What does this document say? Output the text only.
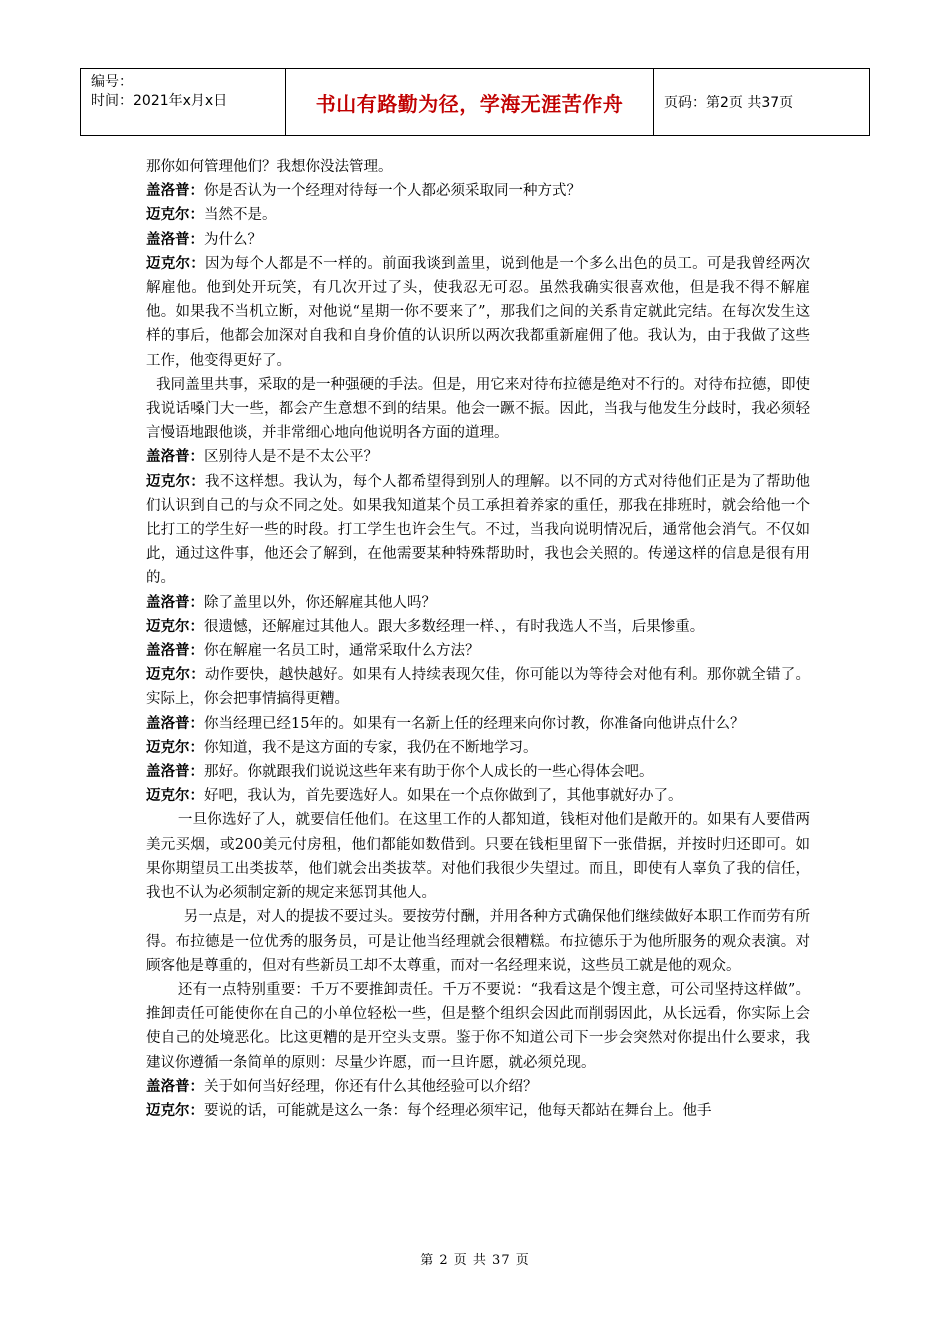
编号：
时间：2021年x月x日	书山有路勤为径，学海无涯苦作舟	页码：第2页 共37页

那你如何管理他们？我想你没法管理。

盖洛普：你是否认为一个经理对待每一个人都必须采取同一种方式？

迈克尔：当然不是。

盖洛普：为什么？

迈克尔：因为每个人都是不一样的。前面我谈到盖里，说到他是一个多么出色的员工。可是我曾经两次解雇他。他到处开玩笑，有几次开过了头，使我忍无可忍。虽然我确实很喜欢他，但是我不得不解雇他。如果我不当机立断，对他说“星期一你不要来了”，那我们之间的关系肯定就此完结。在每次发生这样的事后，他都会加深对自我和自身价值的认识所以两次我都重新雇佣了他。我认为，由于我做了这些工作，他变得更好了。

我同盖里共事，采取的是一种强硬的手法。但是，用它来对待布拉德是绝对不行的。对待布拉德，即使我说话嗓门大一些，都会产生意想不到的结果。他会一蹶不振。因此，当我与他发生分歧时，我必须轻言慢语地跟他谈，并非常细心地向他说明各方面的道理。

盖洛普：区别待人是不是不太公平？

迈克尔：我不这样想。我认为，每个人都希望得到别人的理解。以不同的方式对待他们正是为了帮助他们认识到自己的与众不同之处。如果我知道某个员工承担着养家的重任，那我在排班时，就会给他一个比打工的学生好一些的时段。打工学生也许会生气。不过，当我向说明情况后，通常他会消气。不仅如此，通过这件事，他还会了解到，在他需要某种特殊帮助时，我也会关照的。传递这样的信息是很有用的。

盖洛普：除了盖里以外，你还解雇其他人吗？

迈克尔：很遗憾，还解雇过其他人。跟大多数经理一样、，有时我选人不当，后果惨重。

盖洛普：你在解雇一名员工时，通常采取什么方法？

迈克尔：动作要快，越快越好。如果有人持续表现欠佳，你可能以为等待会对他有利。那你就全错了。实际上，你会把事情搞得更糟。

盖洛普：你当经理已经15年的。如果有一名新上任的经理来向你讨教，你准备向他讲点什么？

迈克尔：你知道，我不是这方面的专家，我仍在不断地学习。

盖洛普：那好。你就跟我们说说这些年来有助于你个人成长的一些心得体会吧。

迈克尔：好吧，我认为，首先要选好人。如果在一个点你做到了，其他事就好办了。

一旦你选好了人，就要信任他们。在这里工作的人都知道，钱柜对他们是敞开的。如果有人要借两美元买烟，或200美元付房租，他们都能如数借到。只要在钱柜里留下一张借据，并按时归还即可。如果你期望员工出类拔萃，他们就会出类拔萃。对他们我很少失望过。而且，即使有人辜负了我的信任，我也不认为必须制定新的规定来惩罚其他人。

另一点是，对人的提拔不要过头。要按劳付酬，并用各种方式确保他们继续做好本职工作而劳有所得。布拉德是一位优秀的服务员，可是让他当经理就会很糟糕。布拉德乐于为他所服务的观众表演。对顾客他是尊重的，但对有些新员工却不太尊重，而对一名经理来说，这些员工就是他的观众。

还有一点特别重要：千万不要推卸责任。千万不要说：“我看这是个馊主意，可公司坚持这样做”。推卸责任可能使你在自己的小单位轻松一些，但是整个组织会因此而削弱因此，从长远看，你实际上会使自己的处境恶化。比这更糟的是开空头支票。鉴于你不知道公司下一步会突然对你提出什么要求，我建议你遵循一条简单的原则：尽量少许愿，而一旦许愿，就必须兑现。

盖洛普：关于如何当好经理，你还有什么其他经验可以介绍？

迈克尔：要说的话，可能就是这么一条：每个经理必须牢记，他每天都站在舞台上。他手

第 2 页 共 37 页
